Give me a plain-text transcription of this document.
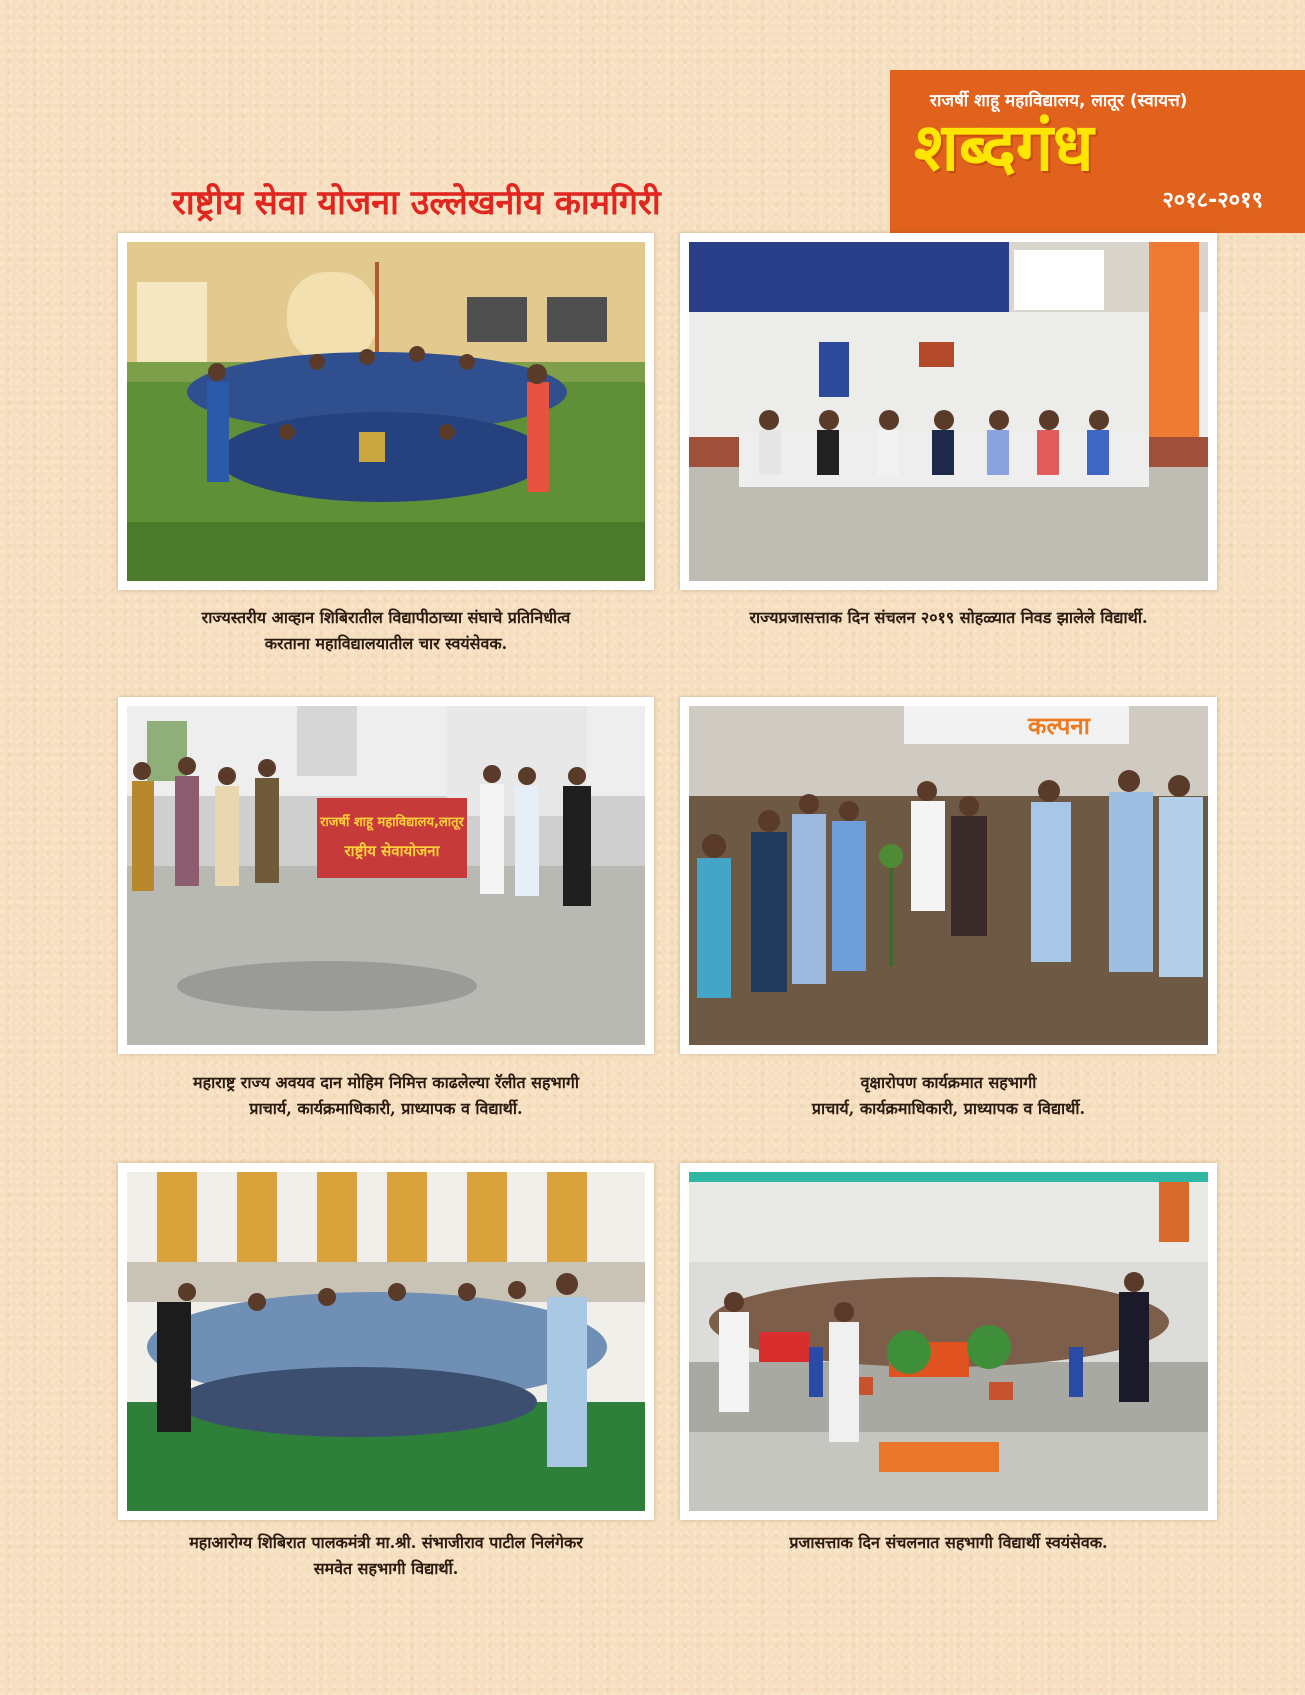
राजर्षी शाहू महाविद्यालय, लातूर (स्वायत्त)
शब्दगंध
२०१८-२०१९
राष्ट्रीय सेवा योजना उल्लेखनीय कामगिरी
राज्यस्तरीय आव्हान शिबिरातील विद्यापीठाच्या संघाचे प्रतिनिधीत्व
करताना महाविद्यालयातील चार स्वयंसेवक.
राज्यप्रजासत्ताक दिन संचलन २०१९ सोहळ्यात निवड झालेले विद्यार्थी.
राजर्षी शाहू महाविद्यालय,लातूर
राष्ट्रीय सेवायोजना
महाराष्ट्र राज्य अवयव दान मोहिम निमित्त काढलेल्या रॅलीत सहभागी
प्राचार्य, कार्यक्रमाधिकारी, प्राध्यापक व विद्यार्थी.
कल्पना
वृक्षारोपण कार्यक्रमात सहभागी
प्राचार्य, कार्यक्रमाधिकारी, प्राध्यापक व विद्यार्थी.
महाआरोग्य शिबिरात पालकमंत्री मा.श्री. संभाजीराव पाटील निलंगेकर
समवेत सहभागी विद्यार्थी.
प्रजासत्ताक दिन संचलनात सहभागी विद्यार्थी स्वयंसेवक.
